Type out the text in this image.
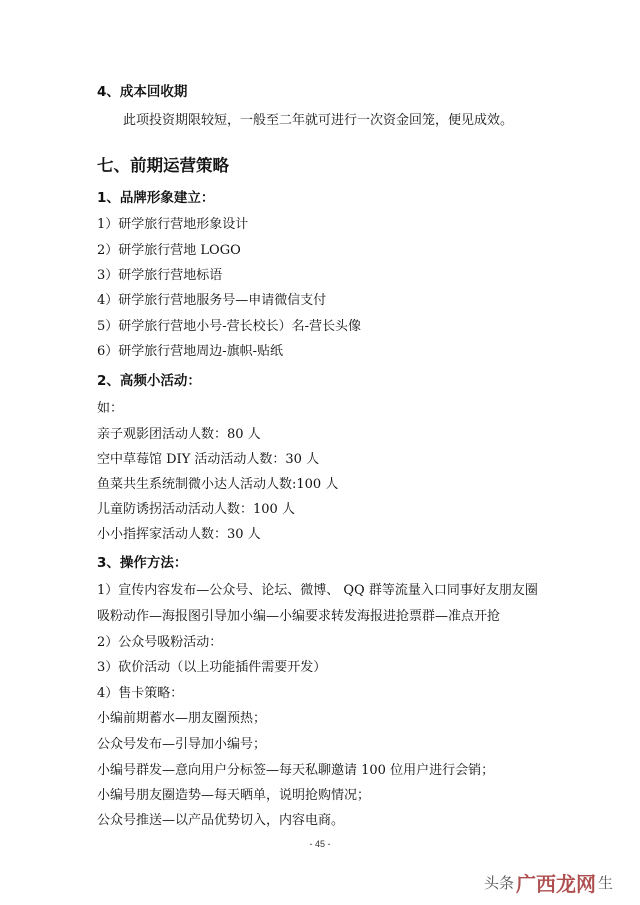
4、成本回收期
此项投资期限较短，一般至二年就可进行一次资金回笼，便见成效。
七、前期运营策略
1、品牌形象建立：
1）研学旅行营地形象设计
2）研学旅行营地 LOGO
3）研学旅行营地标语
4）研学旅行营地服务号—申请微信支付
5）研学旅行营地小号-营长校长）名-营长头像
6）研学旅行营地周边-旗帜-贴纸
2、高频小活动：
如：
亲子观影团活动人数：80 人
空中草莓馆 DIY 活动活动人数：30 人
鱼菜共生系统制微小达人活动人数:100 人
儿童防诱拐活动活动人数：100 人
小小指挥家活动人数：30 人
3、操作方法：
1）宣传内容发布—公众号、论坛、微博、 QQ 群等流量入口同事好友朋友圈
吸粉动作—海报图引导加小编—小编要求转发海报进抢票群—准点开抢
2）公众号吸粉活动：
3）砍价活动（以上功能插件需要开发）
4）售卡策略：
小编前期蓄水—朋友圈预热；
公众号发布—引导加小编号；
小编号群发—意向用户分标签—每天私聊邀请 100 位用户进行会销；
小编号朋友圈造势—每天晒单，说明抢购情况；
公众号推送—以产品优势切入，内容电商。
- 45 -
头条 广西龙网 生
